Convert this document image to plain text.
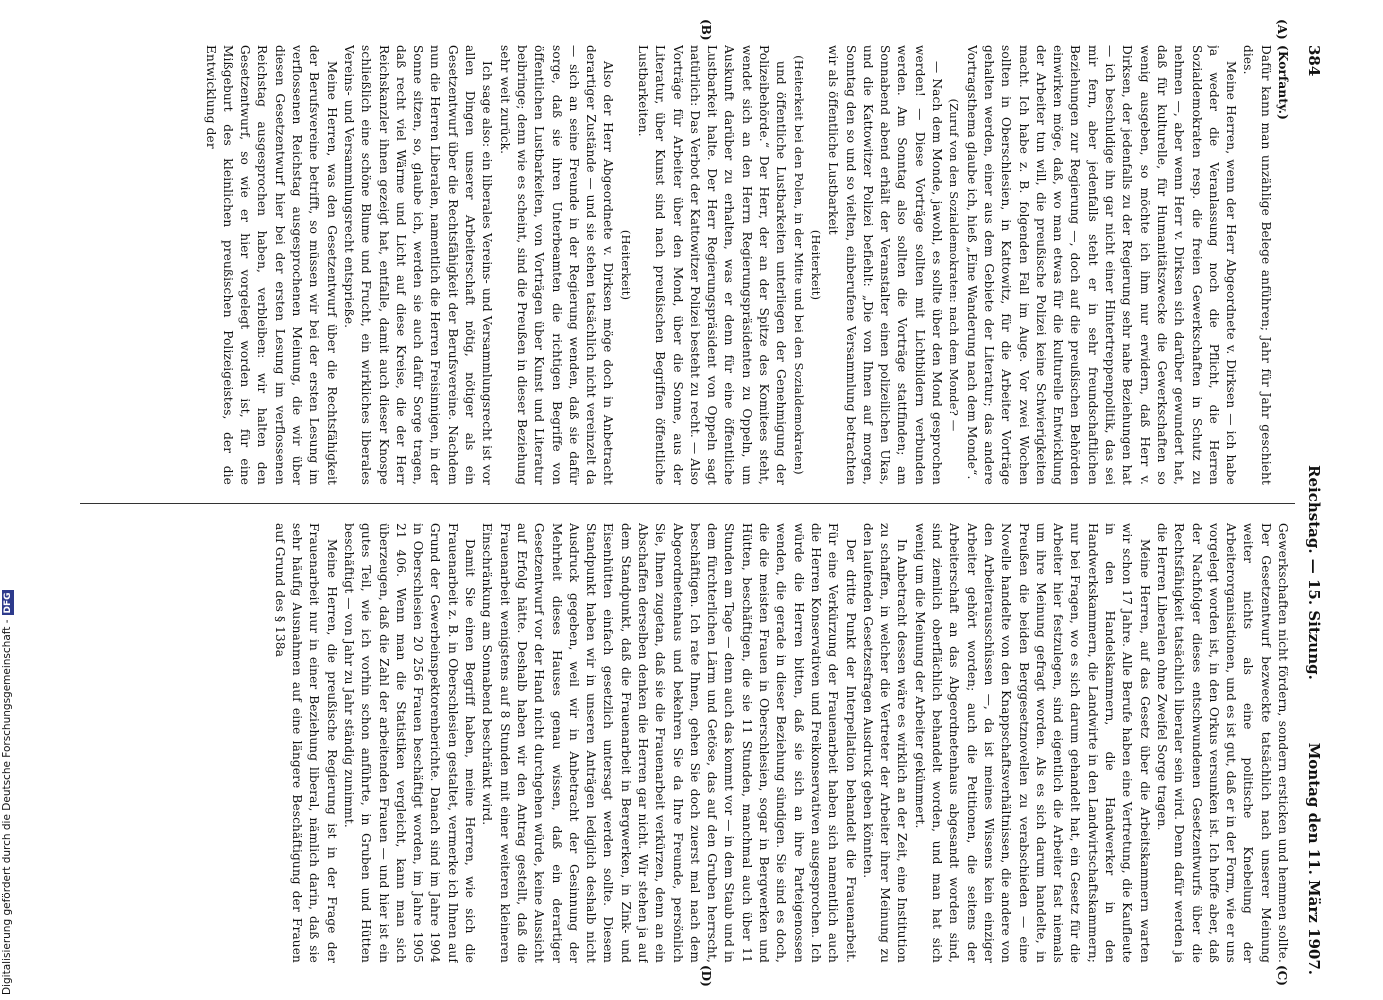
384
Reichstag. — 15. Sitzung.
Montag den 11. März 1907.
(A)
(B)
(C)
(D)

(Korfanty.)

Dafür kann man unzählige Belege anführen; Jahr für Jahr geschieht dies.

Meine Herren, wenn der Herr Abgeordnete v. Dirksen — ich habe ja weder die Veranlassung noch die Pflicht, die Herren Sozialdemokraten resp. die freien Gewerkschaften in Schutz zu nehmen —, aber wenn Herr v. Dirksen sich darüber gewundert hat, daß für kulturelle, für Humanitätszwecke die Gewerkschaften so wenig ausgeben, so möchte ich ihm nur erwidern, daß Herr v. Dirksen, der jedenfalls zu der Regierung sehr nahe Beziehungen hat — ich beschuldige ihn gar nicht einer Hintertreppenpolitik, das sei mir fern, aber jedenfalls steht er in sehr freundschaftlichen Beziehungen zur Regierung —, doch auf die preußischen Behörden einwirken möge, daß, wo man etwas für die kulturelle Entwicklung der Arbeiter tun will, die preußische Polizei keine Schwierigkeiten macht. Ich habe z. B. folgenden Fall im Auge. Vor zwei Wochen sollten in Oberschlesien, in Kattowitz, für die Arbeiter Vorträge gehalten werden, einer aus dem Gebiete der Literatur; das andere Vortragsthema glaube ich, hieß „Eine Wanderung nach dem Monde“.

(Zuruf von den Sozialdemokraten: nach dem Monde? —

— Nach dem Monde, jawohl, es sollte über den Mond gesprochen werden! — Diese Vorträge sollten mit Lichtbildern verbunden werden. Am Sonntag also sollten die Vorträge stattfinden; am Sonnabend abend erhält der Veranstalter einen polizeilichen Ukas, und die Kattowitzer Polizei befiehlt: „Die von Ihnen auf morgen, Sonntag den so und so vielten, einberufene Versammlung betrachten wir als öffentliche Lustbarkeit

(Heiterkeit)

(Heiterkeit bei den Polen, in der Mitte und bei den Sozialdemokraten)

und öffentliche Lustbarkeiten unterliegen der Genehmigung der Polizeibehörde.“ Der Herr, der an der Spitze des Komitees steht, wendet sich an den Herrn Regierungspräsidenten zu Oppeln, um Auskunft darüber zu erhalten, was er denn für eine öffentliche Lustbarkeit halte. Der Herr Regierungspräsident von Oppeln sagt natürlich: Das Verbot der Kattowitzer Polizei besteht zu recht. — Also Vorträge für Arbeiter über den Mond, über die Sonne, aus der Literatur, über Kunst sind nach preußischen Begriffen öffentliche Lustbarkeiten.

(Heiterkeit)

Also der Herr Abgeordnete v. Dirksen möge doch in Anbetracht derartiger Zustände — und sie stehen tatsächlich nicht vereinzelt da — sich an seine Freunde in der Regierung wenden, daß sie dafür sorge, daß sie ihren Unterbeamten die richtigen Begriffe von öffentlichen Lustbarkeiten, von Vorträgen über Kunst und Literatur beibringe; denn wie es scheint, sind die Preußen in dieser Beziehung sehr weit zurück.

Ich sage also: ein liberales Vereins- und Versammlungsrecht ist vor allen Dingen unserer Arbeiterschaft nötig, nötiger als ein Gesetzentwurf über die Rechtsfähigkeit der Berufsvereine. Nachdem nun die Herren Liberalen, namentlich die Herren Freisinnigen, in der Sonne sitzen, so, glaube ich, werden sie auch dafür Sorge tragen, daß recht viel Wärme und Licht auf diese Kreise, die der Herr Reichskanzler ihnen gezeigt hat, entfalle, damit auch dieser Knospe schließlich eine schöne Blume und Frucht, ein wirkliches liberales Vereins- und Versammlungsrecht entsprieße.

Meine Herren, was den Gesetzentwurf über die Rechtsfähigkeit der Berufsvereine betrifft, so müssen wir bei der ersten Lesung im verflossenen Reichstag ausgesprochenen Meinung, die wir über diesen Gesetzentwurf hier bei der ersten Lesung im verflossenen Reichstag ausgesprochen haben, verbleiben: wir halten den Gesetzentwurf, so wie er hier vorgelegt worden ist, für eine Mißgeburt des kleinlichen preußischen Polizeigeistes, der die Entwicklung der

Gewerkschaften nicht fördern, sondern ersticken und hemmen sollte. Der Gesetzentwurf bezweckte tatsächlich nach unserer Meinung weiter nichts als eine politische Knebelung der Arbeiterorganisationen, und es ist gut, daß er in der Form, wie er uns vorgelegt worden ist, in den Orkus versunken ist. Ich hoffe aber, daß der Nachfolger dieses entschwundenen Gesetzentwurfs über die Rechtsfähigkeit tatsächlich liberaler sein wird. Denn dafür werden ja die Herren Liberalen ohne Zweifel Sorge tragen.

Meine Herren, auf das Gesetz über die Arbeitskammern warten wir schon 17 Jahre. Alle Berufe haben eine Vertretung, die Kaufleute in den Handelskammern, die Handwerker in den Handwerkskammern, die Landwirte in den Landwirtschaftskammern; nur bei Fragen, wo es sich darum gehandelt hat, ein Gesetz für die Arbeiter hier festzulegen, sind eigentlich die Arbeiter fast niemals um ihre Meinung gefragt worden. Als es sich darum handelte, in Preußen die beiden Berggesetznovellen zu verabschieden — eine Novelle handelte von den Knappschaftsverhältnissen, die andere von den Arbeiterausschüssen —, da ist meines Wissens kein einziger Arbeiter gehört worden; auch die Petitionen, die seitens der Arbeiterschaft an das Abgeordnetenhaus abgesandt worden sind, sind ziemlich oberflächlich behandelt worden, und man hat sich wenig um die Meinung der Arbeiter gekümmert.

In Anbetracht dessen wäre es wirklich an der Zeit, eine Institution zu schaffen, in welcher die Vertreter der Arbeiter ihrer Meinung zu den laufenden Gesetzesfragen Ausdruck geben könnten.

Der dritte Punkt der Interpellation behandelt die Frauenarbeit. Für eine Verkürzung der Frauenarbeit haben sich namentlich auch die Herren Konservativen und Freikonservativen ausgesprochen. Ich würde die Herren bitten, daß sie sich an ihre Parteigenossen wenden, die gerade in dieser Beziehung sündigen. Sie sind es doch, die die meisten Frauen in Oberschlesien, sogar in Bergwerken und Hütten, beschäftigen, die sie 11 Stunden, manchmal auch über 11 Stunden am Tage — denn auch das kommt vor — in dem Staub und in dem fürchterlichen Lärm und Getöse, das auf den Gruben herrscht, beschäftigen. Ich rate Ihnen, gehen Sie doch zuerst mal nach dem Abgeordnetenhaus und bekehren Sie da Ihre Freunde, persönlich Sie, Ihnen zugetan, daß sie die Frauenarbeit verkürzen, denn an ein Abschaffen derselben denken die Herren gar nicht. Wir stehen ja auf dem Standpunkt, daß die Frauenarbeit in Bergwerken, in Zink- und Eisenhütten einfach gesetzlich untersagt werden sollte. Diesem Standpunkt haben wir in unseren Anträgen lediglich deshalb nicht Ausdruck gegeben, weil wir in Anbetracht der Gesinnung der Mehrheit dieses Hauses genau wissen, daß ein derartiger Gesetzentwurf vor der Hand nicht durchgehen würde, keine Aussicht auf Erfolg hätte. Deshalb haben wir den Antrag gestellt, daß die Frauenarbeit wenigstens auf 8 Stunden mit einer weiteren kleineren Einschränkung am Sonnabend beschränkt wird.

Damit Sie einen Begriff haben, meine Herren, wie sich die Frauenarbeit z. B. in Oberschlesien gestaltet, vermerke ich Ihnen auf Grund der Gewerbeinspektorenberichte. Danach sind im Jahre 1904 in Oberschlesien 20 256 Frauen beschäftigt worden, im Jahre 1905 21 406. Wenn man die Statistiken vergleicht, kann man sich überzeugen, daß die Zahl der arbeitenden Frauen — und hier ist ein gutes Teil, wie ich vorhin schon anführte, in Gruben und Hütten beschäftigt — von Jahr zu Jahr ständig zunimmt.

Meine Herren, die preußische Regierung ist in der Frage der Frauenarbeit nur in einer Beziehung liberal, nämlich darin, daß sie sehr häufig Ausnahmen auf eine längere Beschäftigung der Frauen auf Grund des § 138a

Digitalisierung gefördert durch die Deutsche Forschungsgemeinschaft -DFG
